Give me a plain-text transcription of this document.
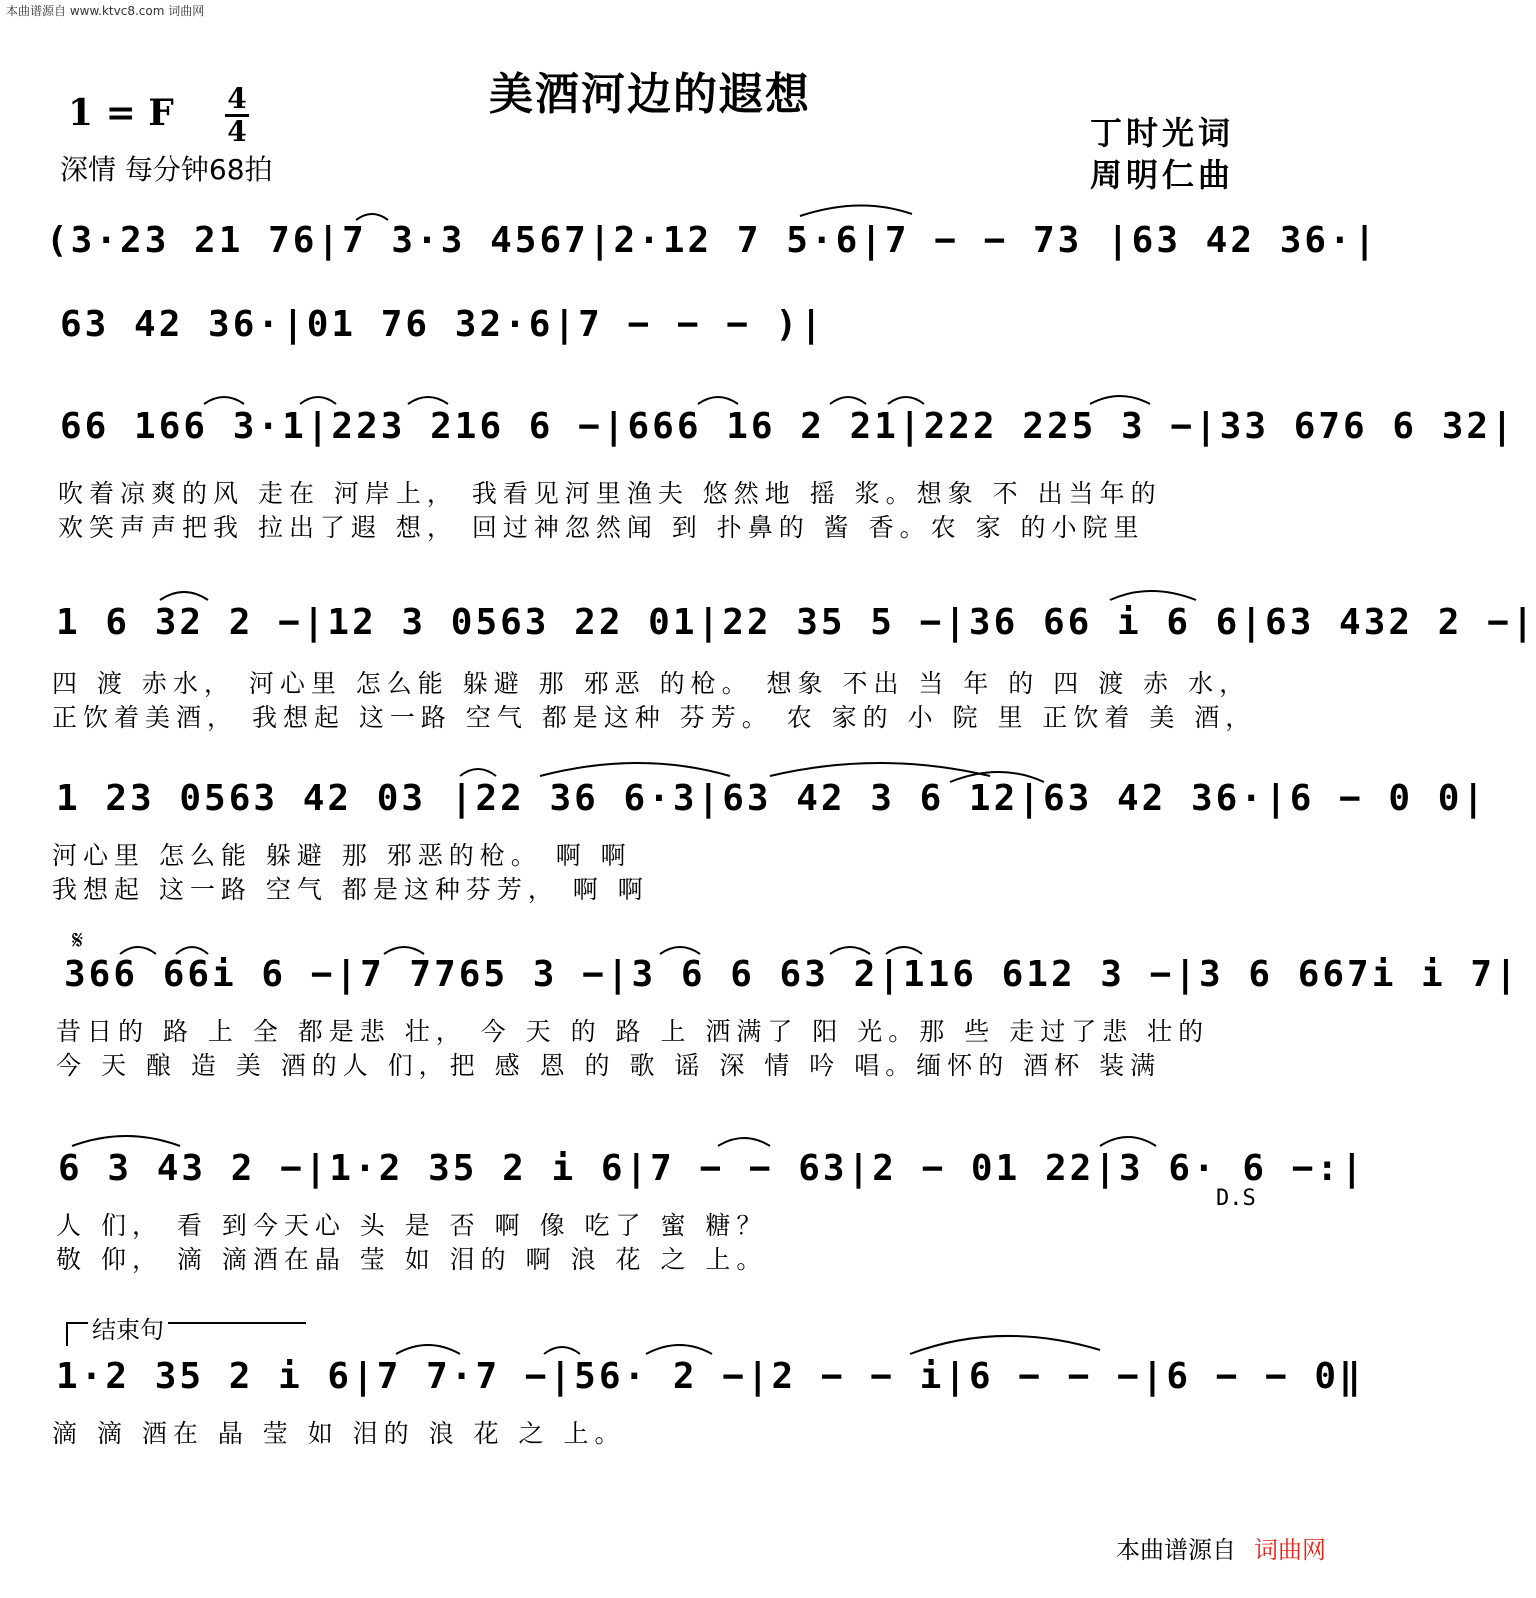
本曲谱源自 www.ktvc8.com 词曲网
美酒河边的遐想
1 = F 4
4
深情 每分钟68拍
丁时光词
周明仁曲
(3·23 21 76|7 3·3 4567|2·12 7 5·6|7 − − 73 |63 42 36·|
63 42 36·|01 76 32·6|7 − − − )|
66 166 3·1|223 216 6 −|666 16 2 21|222 225 3 −|33 676 6 32|
吹着凉爽的风 走在 河岸上， 我看见河里渔夫 悠然地 摇 浆。想象 不 出当年的
欢笑声声把我 拉出了遐 想， 回过神忽然闻 到 扑鼻的 酱 香。农 家 的小院里
1 6 32 2 −|12 3 0563 22 01|22 35 5 −|36 66 i 6 6|63 432 2 −|
四 渡 赤水， 河心里 怎么能 躲避 那 邪恶 的枪。 想象 不出 当 年 的 四 渡 赤 水，
正饮着美酒， 我想起 这一路 空气 都是这种 芬芳。 农 家的 小 院 里 正饮着 美 酒，
1 23 0563 42 03 |22 36 6·3|63 42 3 6 12|63 42 36·|6 − 0 0|
河心里 怎么能 躲避 那 邪恶的枪。 啊 啊
我想起 这一路 空气 都是这种芬芳， 啊 啊
𝄋
366 66i 6 −|7 7765 3 −|3 6 6 63 2|116 612 3 −|3 6 667i i 7|
昔日的 路 上 全 都是悲 壮， 今 天 的 路 上 洒满了 阳 光。那 些 走过了悲 壮的
今 天 酿 造 美 酒的人 们，把 感 恩 的 歌 谣 深 情 吟 唱。缅怀的 酒杯 装满
6 3 43 2 −|1·2 35 2 i 6|7 − − 63|2 − 01 22|3 6· 6 −:|
D.S
人 们， 看 到今天心 头 是 否 啊 像 吃了 蜜 糖？
敬 仰， 滴 滴酒在晶 莹 如 泪的 啊 浪 花 之 上。
结束句
1·2 35 2 i 6|7 7·7 −|56· 2 −|2 − − i|6 − − −|6 − − 0‖
滴 滴 酒在 晶 莹 如 泪的 浪 花 之 上。
本曲谱源自 词曲网
